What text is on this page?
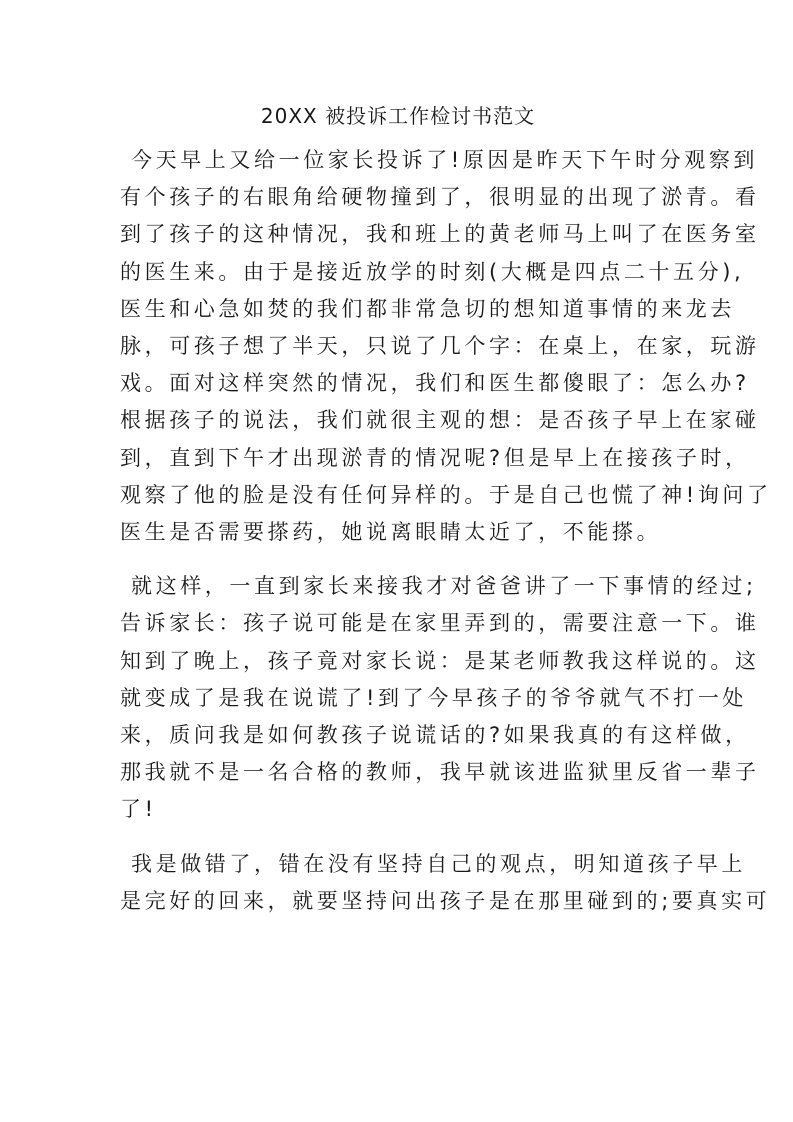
20XX 被投诉工作检讨书范文
今天早上又给一位家长投诉了!原因是昨天下午时分观察到
有个孩子的右眼角给硬物撞到了，很明显的出现了淤青。看
到了孩子的这种情况，我和班上的黄老师马上叫了在医务室
的医生来。由于是接近放学的时刻(大概是四点二十五分),
医生和心急如焚的我们都非常急切的想知道事情的来龙去
脉，可孩子想了半天，只说了几个字：在桌上，在家，玩游
戏。面对这样突然的情况，我们和医生都傻眼了：怎么办?
根据孩子的说法，我们就很主观的想：是否孩子早上在家碰
到，直到下午才出现淤青的情况呢?但是早上在接孩子时，
观察了他的脸是没有任何异样的。于是自己也慌了神!询问了
医生是否需要搽药，她说离眼睛太近了，不能搽。
就这样，一直到家长来接我才对爸爸讲了一下事情的经过;
告诉家长：孩子说可能是在家里弄到的，需要注意一下。谁
知到了晚上，孩子竟对家长说：是某老师教我这样说的。这
就变成了是我在说谎了!到了今早孩子的爷爷就气不打一处
来，质问我是如何教孩子说谎话的?如果我真的有这样做，
那我就不是一名合格的教师，我早就该进监狱里反省一辈子
了!
我是做错了，错在没有坚持自己的观点，明知道孩子早上
是完好的回来，就要坚持问出孩子是在那里碰到的;要真实可
